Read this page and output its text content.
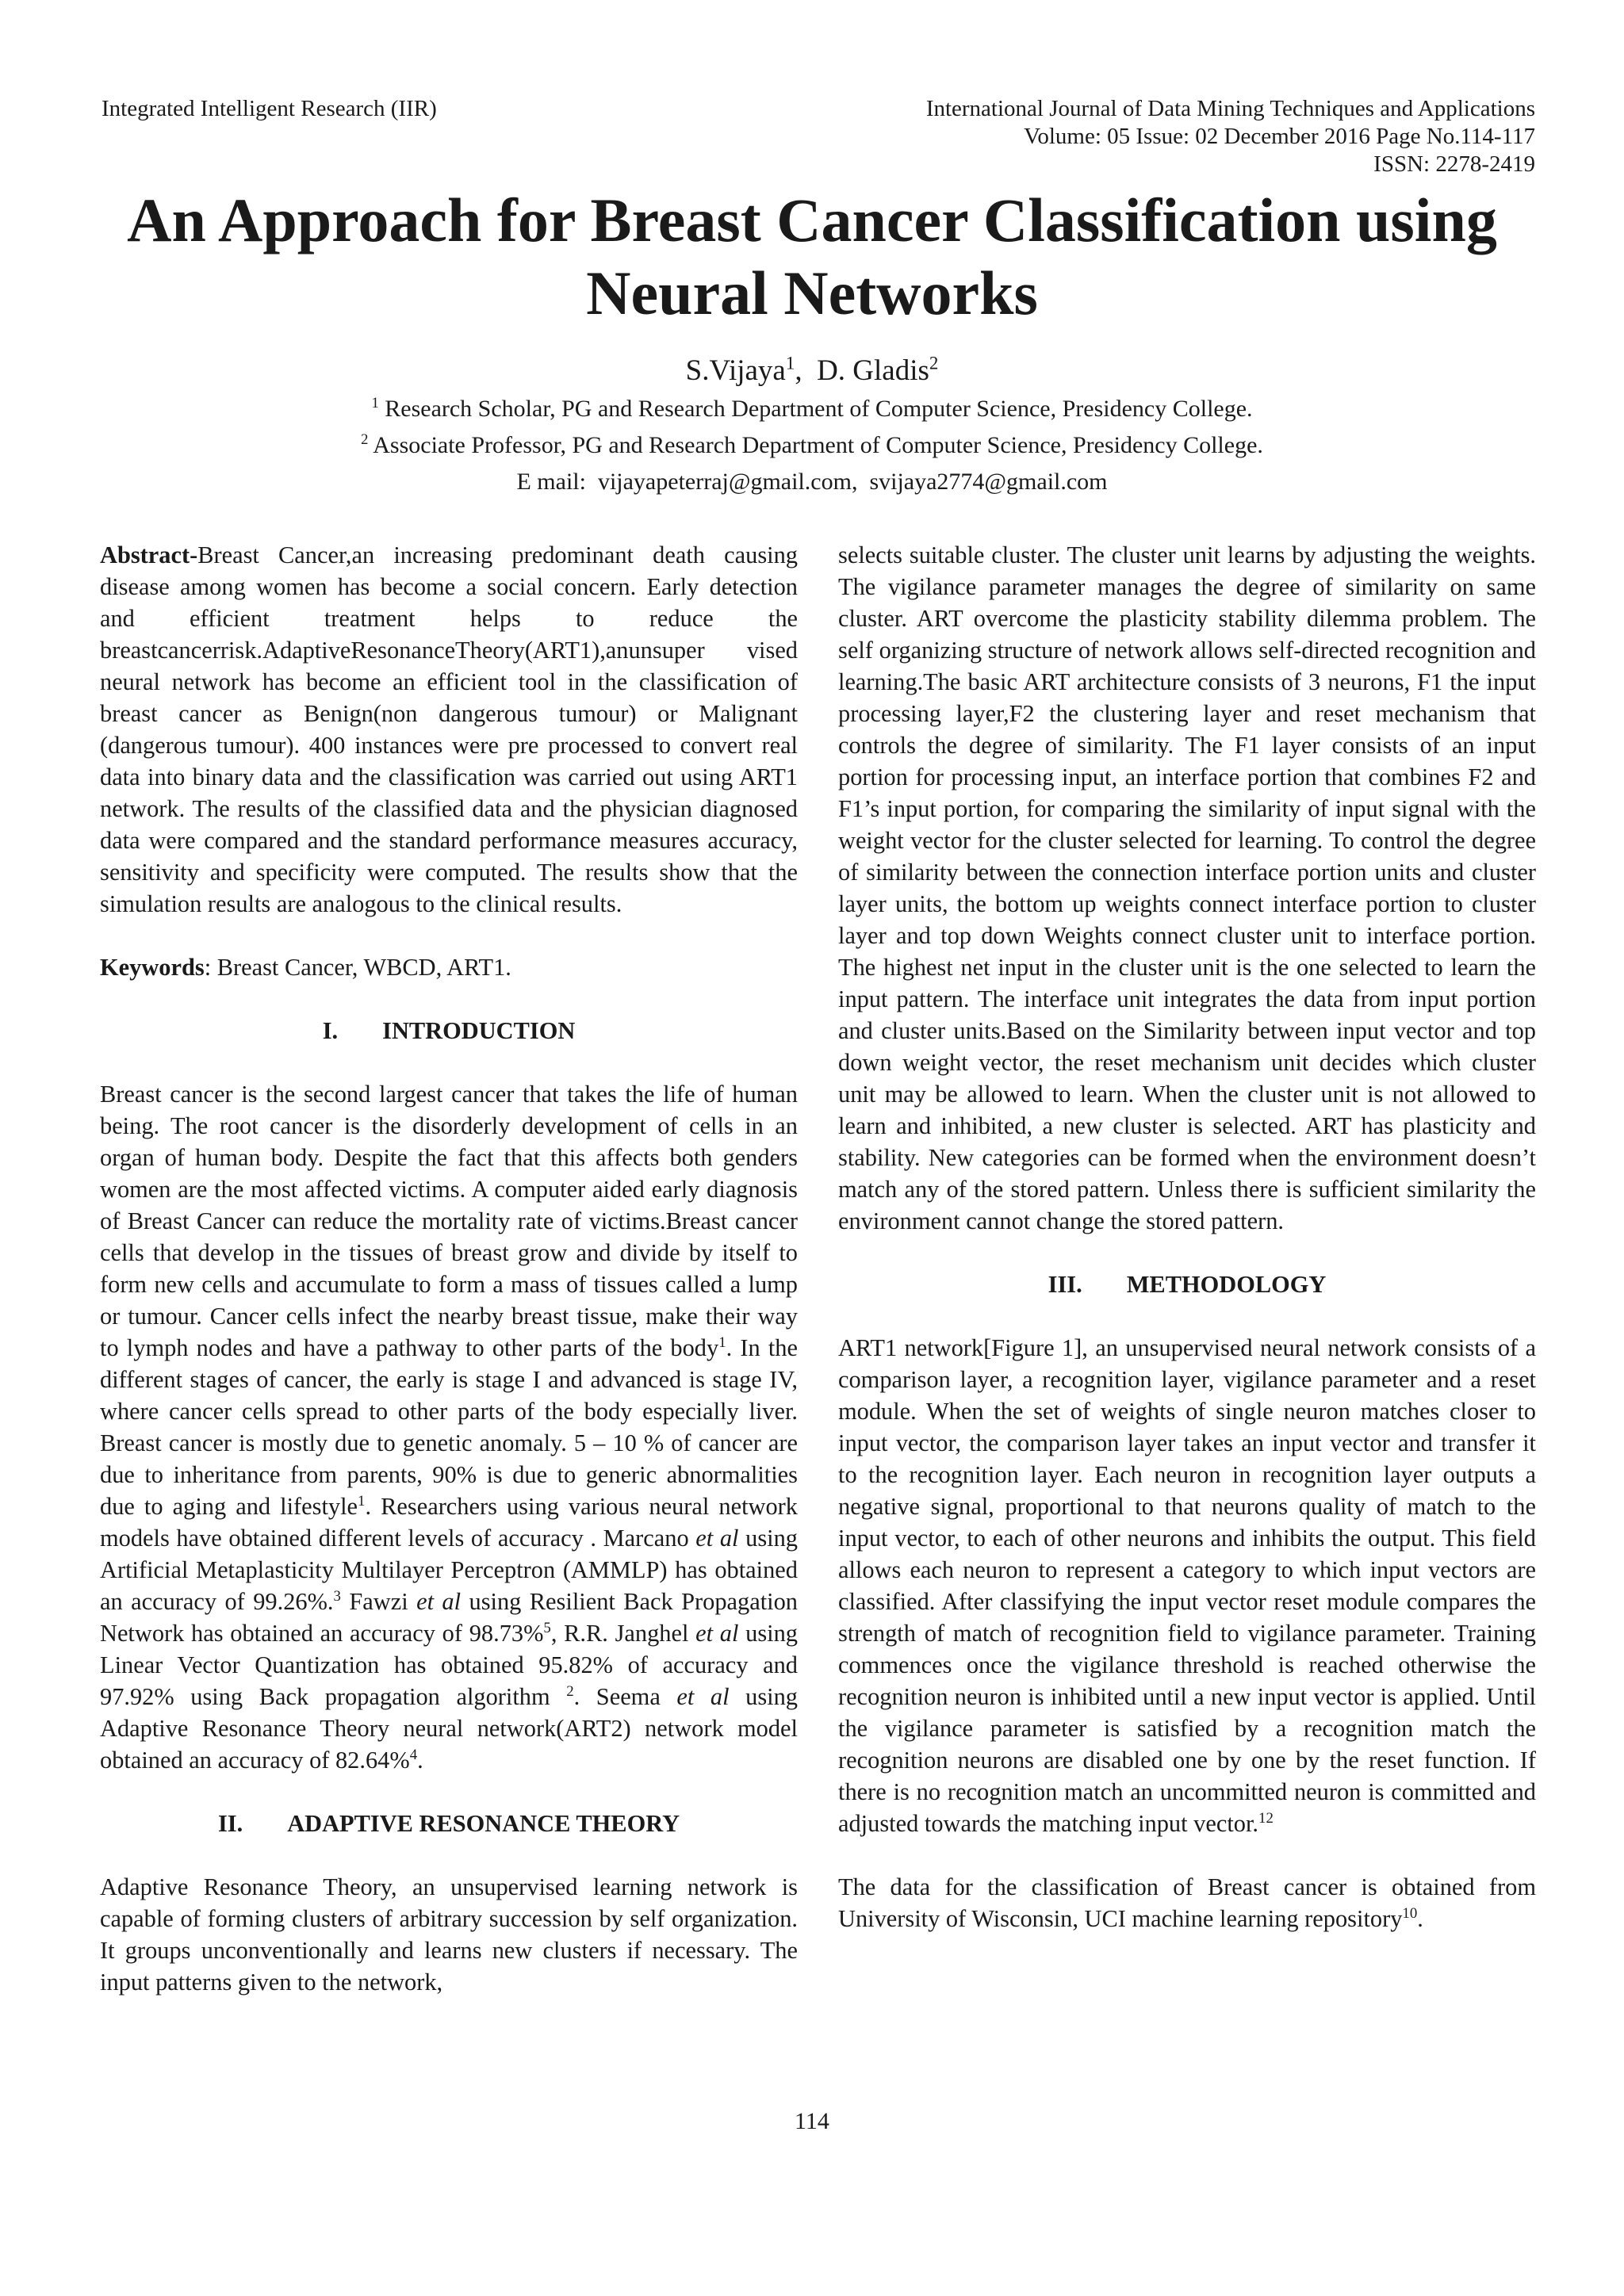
Integrated Intelligent Research (IIR)	International Journal of Data Mining Techniques and Applications
Volume: 05 Issue: 02 December 2016 Page No.114-117
ISSN: 2278-2419
An Approach for Breast Cancer Classification using Neural Networks
S.Vijaya$^1$,  D. Gladis$^2$
$^1$ Research Scholar, PG and Research Department of Computer Science, Presidency College.
$^2$ Associate Professor, PG and Research Department of Computer Science, Presidency College.
E mail:  vijayapeterraj@gmail.com,  svijaya2774@gmail.com

Abstract-Breast Cancer,an increasing predominant death causing disease among women has become a social concern. Early detection and efficient treatment helps to reduce the breastcancerrisk.AdaptiveResonanceTheory(ART1),anunsuper vised neural network has become an efficient tool in the classification of breast cancer as Benign(non dangerous tumour) or Malignant (dangerous tumour). 400 instances were pre processed to convert real data into binary data and the classification was carried out using ART1 network. The results of the classified data and the physician diagnosed data were compared and the standard performance measures accuracy, sensitivity and specificity were computed. The results show that the simulation results are analogous to the clinical results.

Keywords: Breast Cancer, WBCD, ART1.

I. INTRODUCTION

Breast cancer is the second largest cancer that takes the life of human being. The root cancer is the disorderly development of cells in an organ of human body. Despite the fact that this affects both genders women are the most affected victims. A computer aided early diagnosis of Breast Cancer can reduce the mortality rate of victims.Breast cancer cells that develop in the tissues of breast grow and divide by itself to form new cells and accumulate to form a mass of tissues called a lump or tumour. Cancer cells infect the nearby breast tissue, make their way to lymph nodes and have a pathway to other parts of the body$^1$. In the different stages of cancer, the early is stage I and advanced is stage IV, where cancer cells spread to other parts of the body especially liver. Breast cancer is mostly due to genetic anomaly. 5 – 10 % of cancer are due to inheritance from parents, 90% is due to generic abnormalities due to aging and lifestyle$^1$. Researchers using various neural network models have obtained different levels of accuracy . Marcano et al using Artificial Metaplasticity Multilayer Perceptron (AMMLP) has obtained an accuracy of 99.26%.$^3$ Fawzi et al using Resilient Back Propagation Network has obtained an accuracy of 98.73%$^5$, R.R. Janghel et al using Linear Vector Quantization has obtained 95.82% of accuracy and 97.92% using Back propagation algorithm $^2$. Seema et al using Adaptive Resonance Theory neural network(ART2) network model obtained an accuracy of 82.64%$^4$.

II. ADAPTIVE RESONANCE THEORY

Adaptive Resonance Theory, an unsupervised learning network is capable of forming clusters of arbitrary succession by self organization. It groups unconventionally and learns new clusters if necessary. The input patterns given to the network,

selects suitable cluster. The cluster unit learns by adjusting the weights. The vigilance parameter manages the degree of similarity on same cluster. ART overcome the plasticity stability dilemma problem. The self organizing structure of network allows self-directed recognition and learning.The basic ART architecture consists of 3 neurons, F1 the input processing layer,F2 the clustering layer and reset mechanism that controls the degree of similarity. The F1 layer consists of an input portion for processing input, an interface portion that combines F2 and F1’s input portion, for comparing the similarity of input signal with the weight vector for the cluster selected for learning. To control the degree of similarity between the connection interface portion units and cluster layer units, the bottom up weights connect interface portion to cluster layer and top down Weights connect cluster unit to interface portion. The highest net input in the cluster unit is the one selected to learn the input pattern. The interface unit integrates the data from input portion and cluster units.Based on the Similarity between input vector and top down weight vector, the reset mechanism unit decides which cluster unit may be allowed to learn. When the cluster unit is not allowed to learn and inhibited, a new cluster is selected. ART has plasticity and stability. New categories can be formed when the environment doesn’t match any of the stored pattern. Unless there is sufficient similarity the environment cannot change the stored pattern.

III. METHODOLOGY

ART1 network[Figure 1], an unsupervised neural network consists of a comparison layer, a recognition layer, vigilance parameter and a reset module. When the set of weights of single neuron matches closer to input vector, the comparison layer takes an input vector and transfer it to the recognition layer. Each neuron in recognition layer outputs a negative signal, proportional to that neurons quality of match to the input vector, to each of other neurons and inhibits the output. This field allows each neuron to represent a category to which input vectors are classified. After classifying the input vector reset module compares the strength of match of recognition field to vigilance parameter. Training commences once the vigilance threshold is reached otherwise the recognition neuron is inhibited until a new input vector is applied. Until the vigilance parameter is satisfied by a recognition match the recognition neurons are disabled one by one by the reset function. If there is no recognition match an uncommitted neuron is committed and adjusted towards the matching input vector.$^{12}$

The data for the classification of Breast cancer is obtained from University of Wisconsin, UCI machine learning repository$^{10}$.

114
